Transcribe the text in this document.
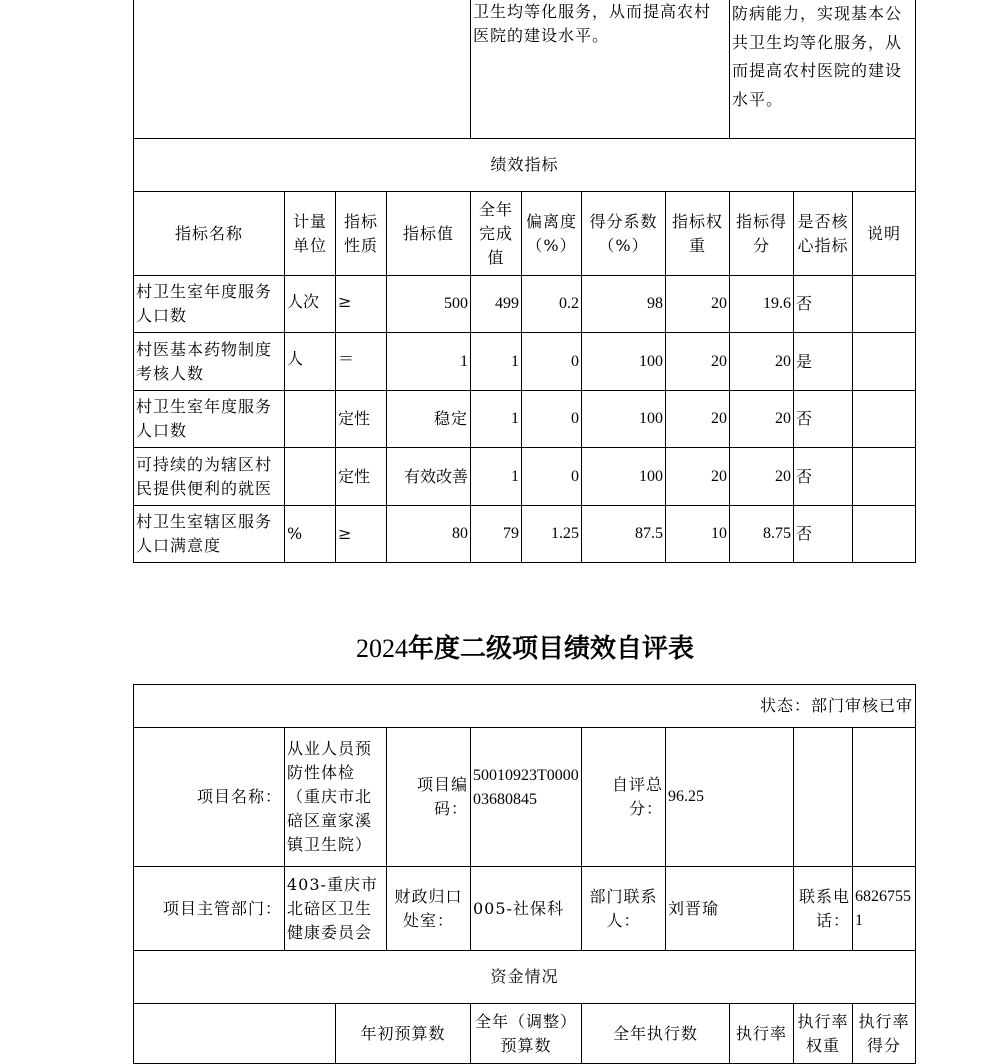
				卫生均等化服务，从而提高农村医院的建设水平。				防病能力，实现基本公共卫生均等化服务，从而提高农村医院的建设水平。		
绩效指标										
指标名称	计量单位	指标性质	指标值	全年完成值	偏离度（%）	得分系数（%）	指标权重	指标得分	是否核心指标	说明
村卫生室年度服务人口数	人次	≥	500	499	0.2	98	20	19.6	否	
村医基本药物制度考核人数	人	＝	1	1	0	100	20	20	是	
村卫生室年度服务人口数		定性	稳定	1	0	100	20	20	否	
可持续的为辖区村民提供便利的就医		定性	有效改善	1	0	100	20	20	否	
村卫生室辖区服务人口满意度	%	≥	80	79	1.25	87.5	10	8.75	否	
2024年度二级项目绩效自评表
状态：部门审核已审									
项目名称：	从业人员预防性体检（重庆市北碚区童家溪镇卫生院）		项目编码：	500109​23T000003680845	自评总分：	96.25			
项目主管部门：	403-重庆市北碚区卫生健康委员会		财政归口处室：	005-社保科	部门联系人：	刘晋瑜		联系电话：	68267551
资金情况									
		年初预算数		全年（调整）预算数	全年执行数		执行率	执行率权重	执行率得分
